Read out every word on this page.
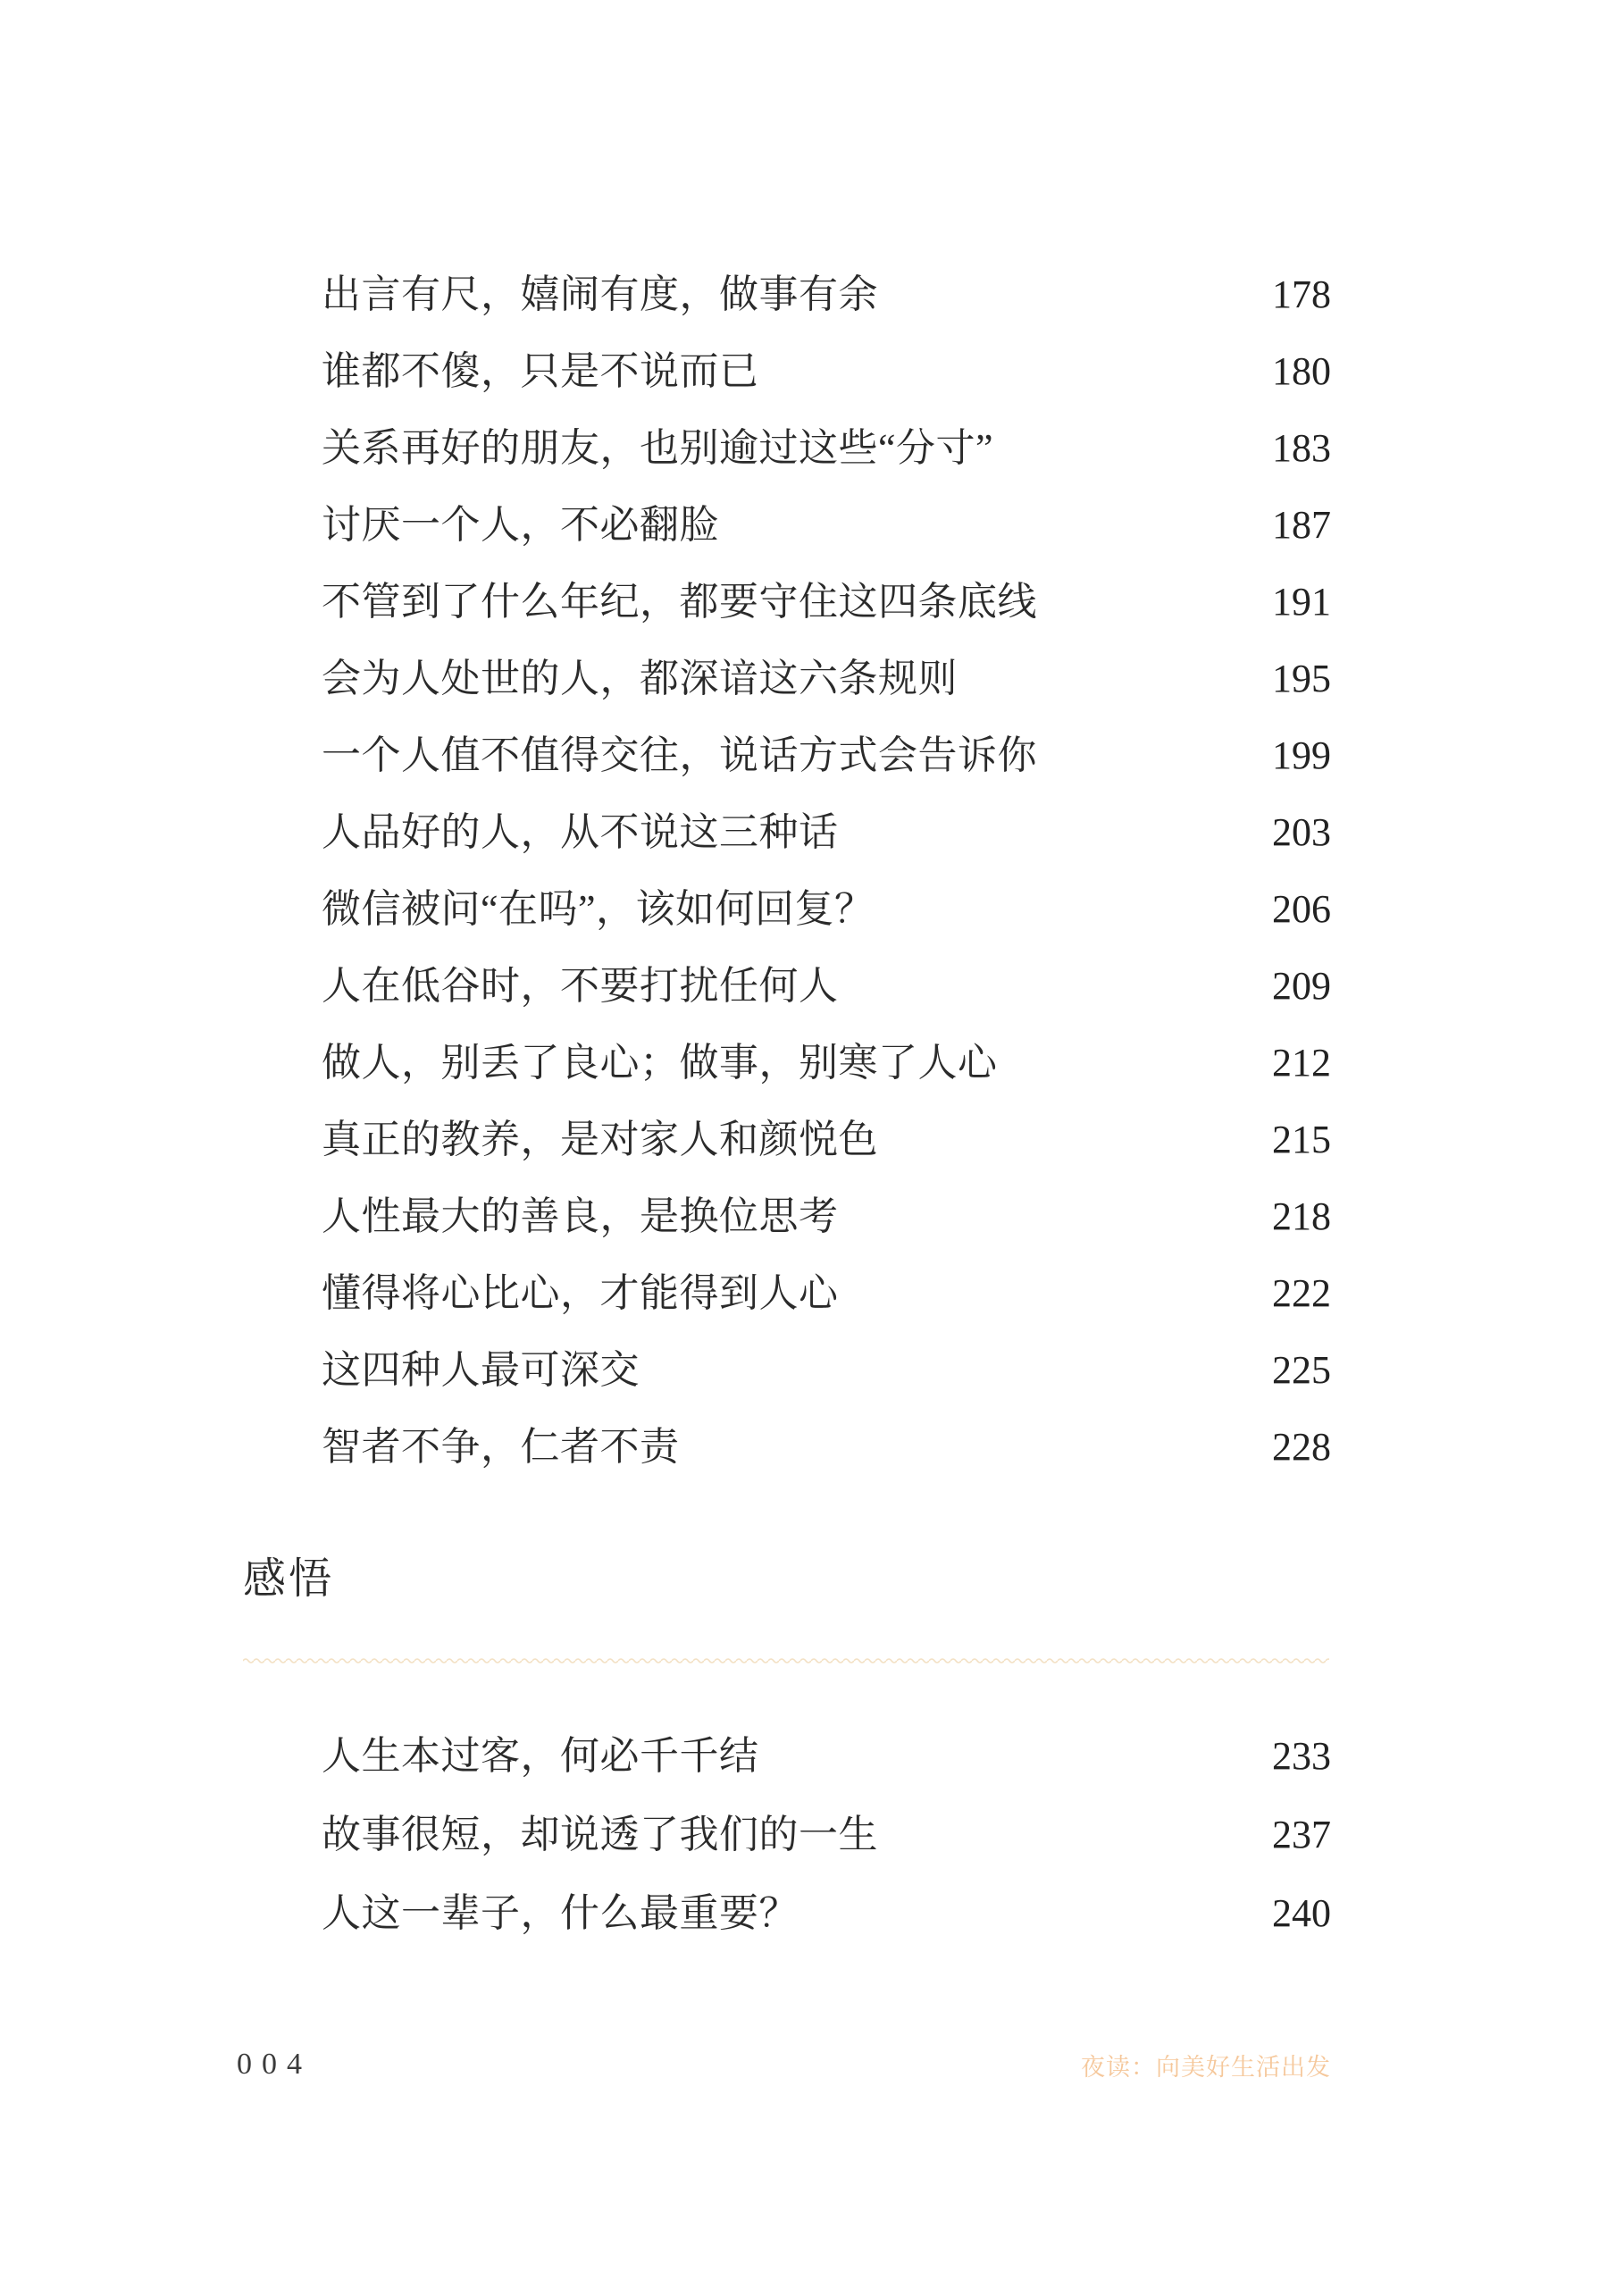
出言有尺，嬉闹有度，做事有余	178
谁都不傻，只是不说而已	180
关系再好的朋友，也别逾过这些“分寸”	183
讨厌一个人，不必翻脸	187
不管到了什么年纪，都要守住这四条底线	191
会为人处世的人，都深谙这六条规则	195
一个人值不值得交往，说话方式会告诉你	199
人品好的人，从不说这三种话	203
微信被问“在吗”，该如何回复？	206
人在低谷时，不要打扰任何人	209
做人，别丢了良心；做事，别寒了人心	212
真正的教养，是对家人和颜悦色	215
人性最大的善良，是换位思考	218
懂得将心比心，才能得到人心	222
这四种人最可深交	225
智者不争，仁者不责	228
感悟
人生本过客，何必千千结	233
故事很短，却说透了我们的一生	237
人这一辈子，什么最重要？	240
004	夜读：向美好生活出发
